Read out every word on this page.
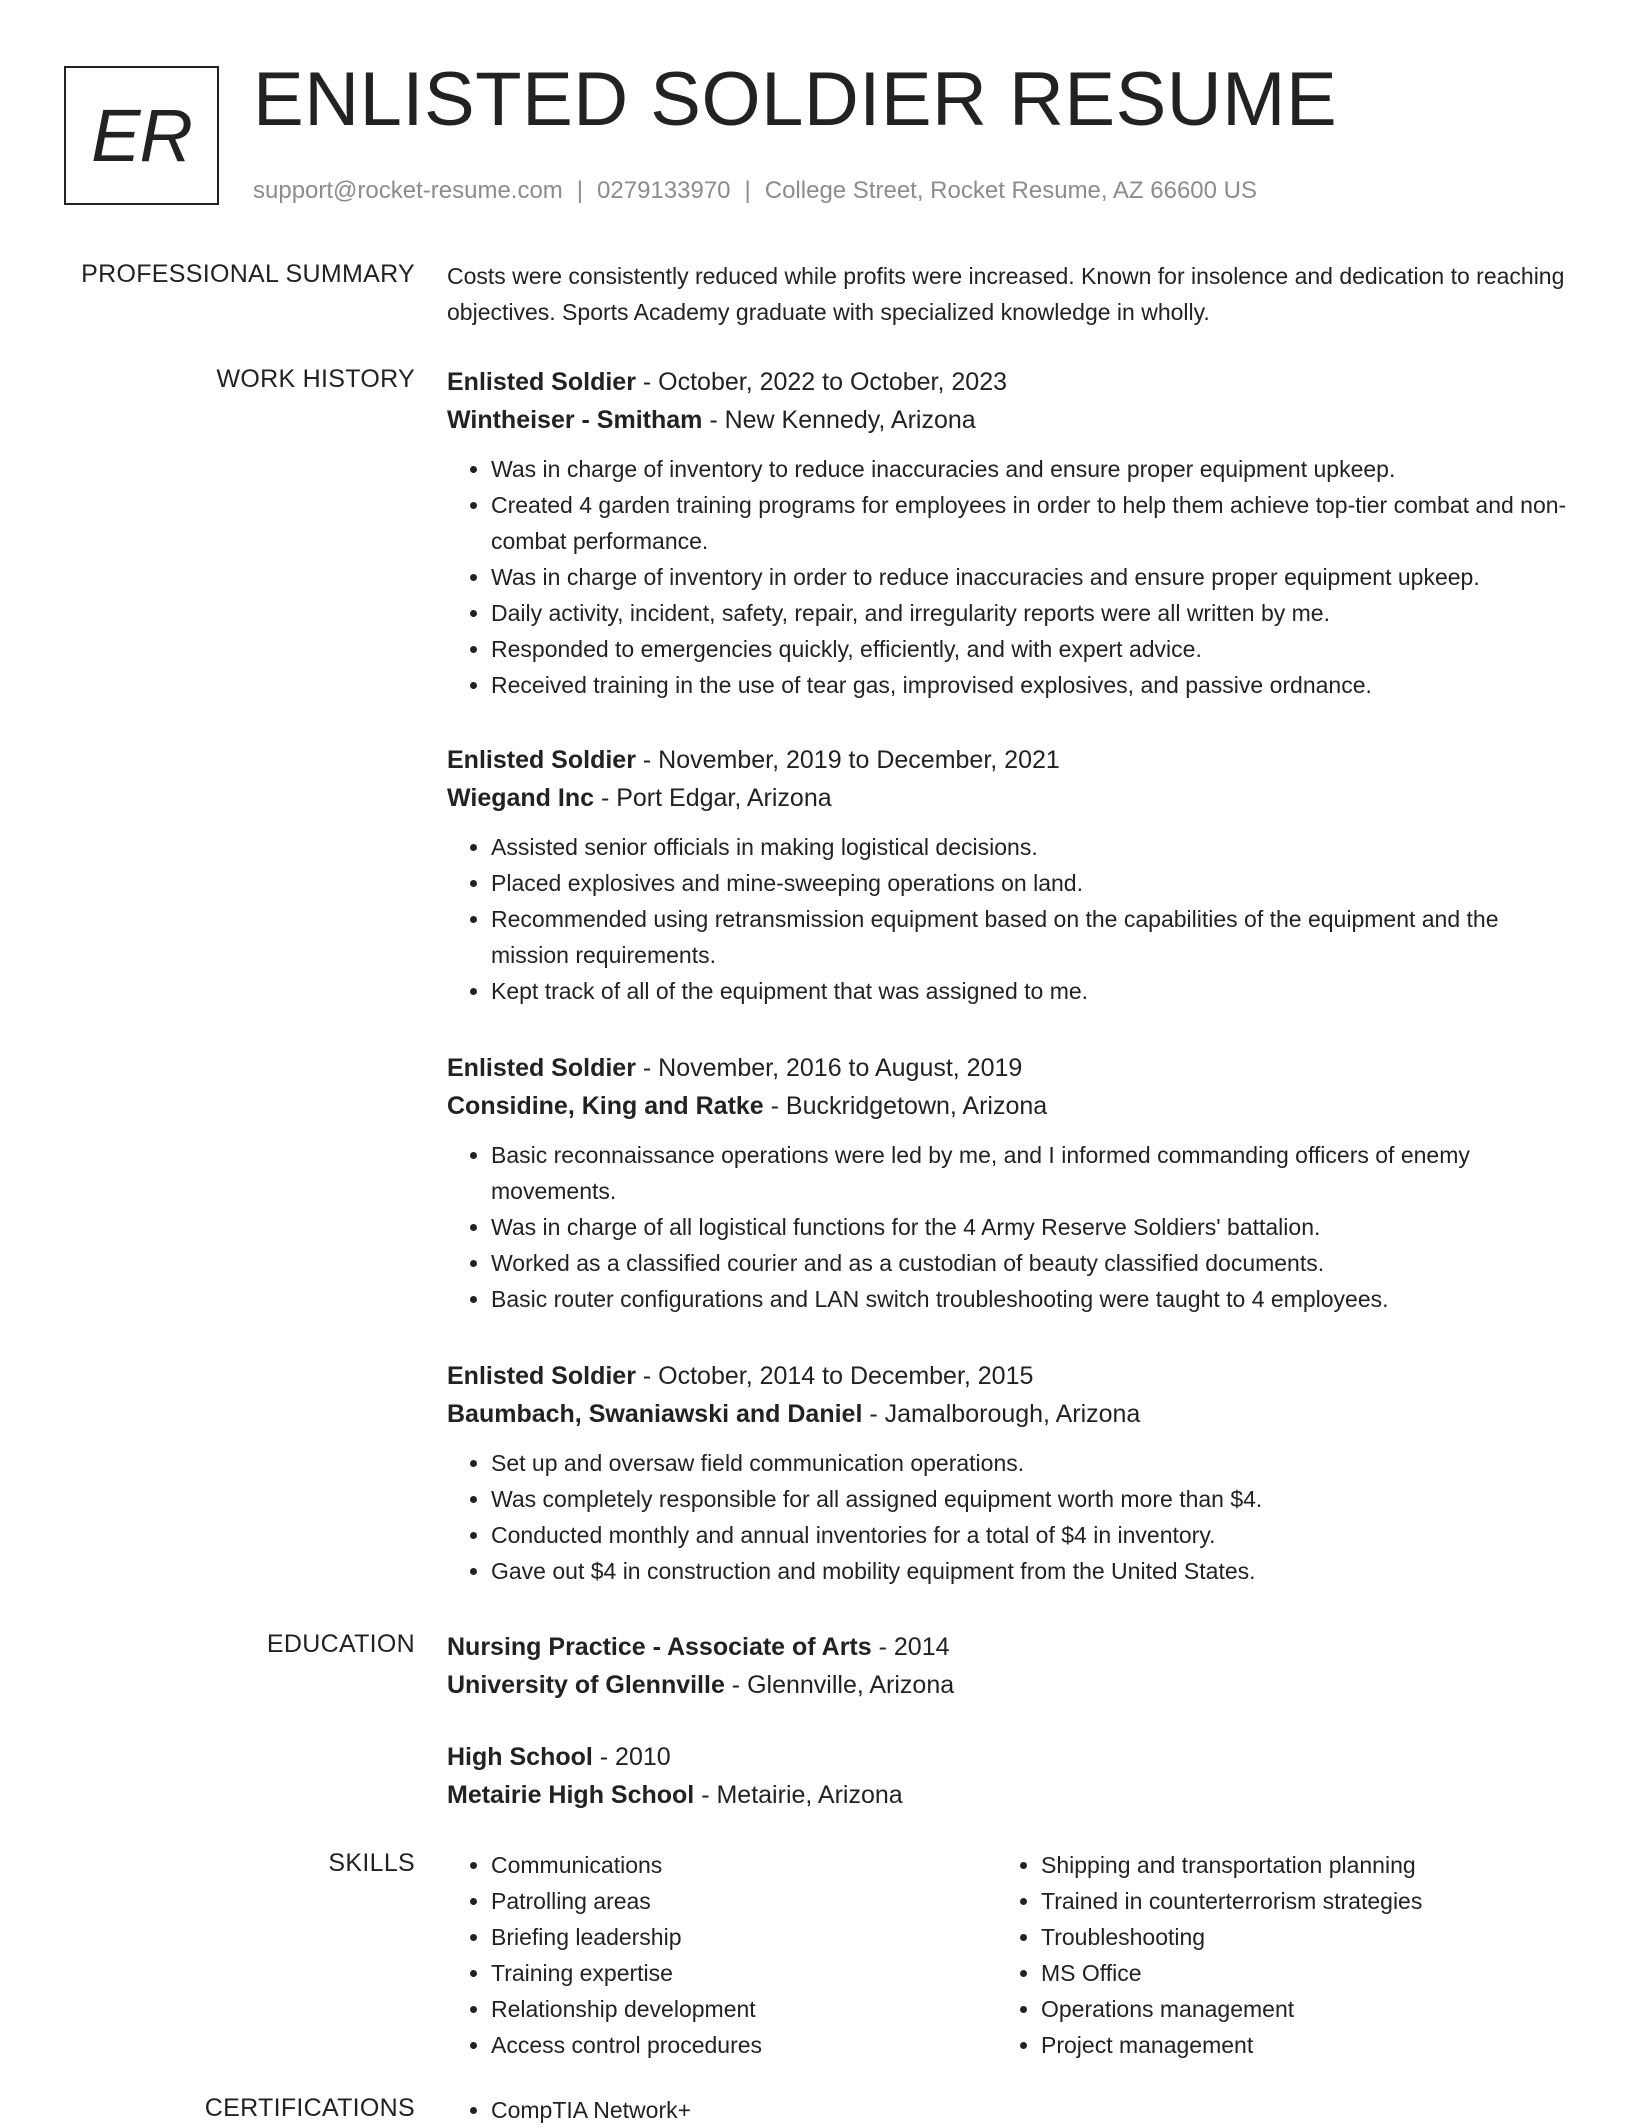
ER ENLISTED SOLDIER RESUME
support@rocket-resume.com | 0279133970 | College Street, Rocket Resume, AZ 66600 US
PROFESSIONAL SUMMARY Costs were consistently reduced while profits were increased. Known for insolence and dedication to reaching objectives. Sports Academy graduate with specialized knowledge in wholly.

WORK HISTORY Enlisted Soldier - October, 2022 to October, 2023
Wintheiser - Smitham - New Kennedy, Arizona
• Was in charge of inventory to reduce inaccuracies and ensure proper equipment upkeep.
• Created 4 garden training programs for employees in order to help them achieve top-tier combat and non-combat performance.
• Was in charge of inventory in order to reduce inaccuracies and ensure proper equipment upkeep.
• Daily activity, incident, safety, repair, and irregularity reports were all written by me.
• Responded to emergencies quickly, efficiently, and with expert advice.
• Received training in the use of tear gas, improvised explosives, and passive ordnance.
Enlisted Soldier - November, 2019 to December, 2021
Wiegand Inc - Port Edgar, Arizona
• Assisted senior officials in making logistical decisions.
• Placed explosives and mine-sweeping operations on land.
• Recommended using retransmission equipment based on the capabilities of the equipment and the mission requirements.
• Kept track of all of the equipment that was assigned to me.
Enlisted Soldier - November, 2016 to August, 2019
Considine, King and Ratke - Buckridgetown, Arizona
• Basic reconnaissance operations were led by me, and I informed commanding officers of enemy movements.
• Was in charge of all logistical functions for the 4 Army Reserve Soldiers' battalion.
• Worked as a classified courier and as a custodian of beauty classified documents.
• Basic router configurations and LAN switch troubleshooting were taught to 4 employees.
Enlisted Soldier - October, 2014 to December, 2015
Baumbach, Swaniawski and Daniel - Jamalborough, Arizona
• Set up and oversaw field communication operations.
• Was completely responsible for all assigned equipment worth more than $4.
• Conducted monthly and annual inventories for a total of $4 in inventory.
• Gave out $4 in construction and mobility equipment from the United States.
EDUCATION Nursing Practice - Associate of Arts - 2014
University of Glennville - Glennville, Arizona
High School - 2010
Metairie High School - Metairie, Arizona
SKILLS	• Communications
• Patrolling areas
• Briefing leadership
• Training expertise
• Relationship development
• Access control procedures
• Shipping and transportation planning
• Trained in counterterrorism strategies
• Troubleshooting
• MS Office
• Operations management
• Project management
CERTIFICATIONS	• CompTIA Network+
